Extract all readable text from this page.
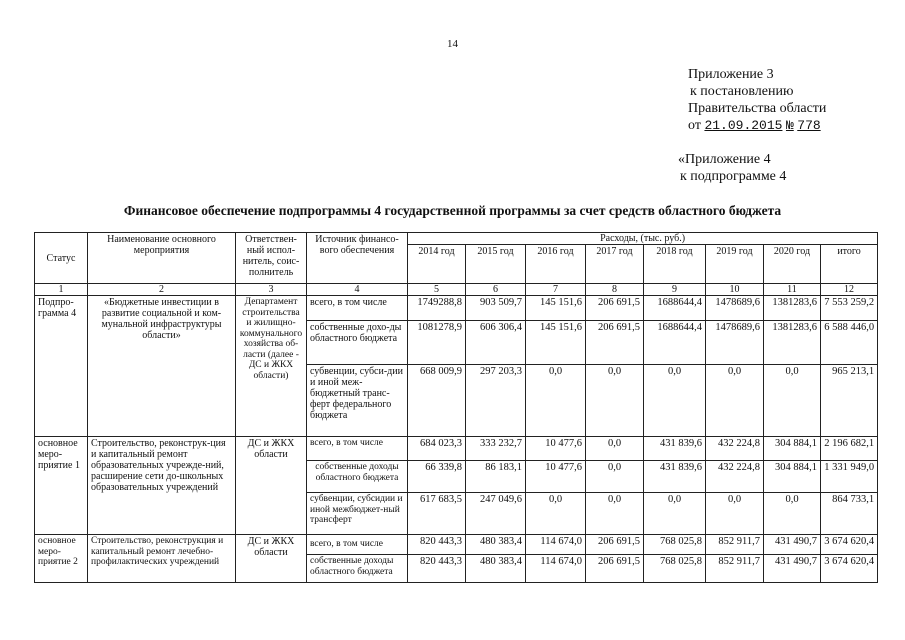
14
Приложение 3
к постановлению
Правительства области
от 21.09.2015 № 778
«Приложение 4
к подпрограмме 4
Финансовое обеспечение подпрограммы 4 государственной программы за счет средств областного бюджета
Статус	Наименование основного мероприятия	Ответствен-ный испол-нитель, соис-полнитель	Источник финансо-вого обеспечения	Расходы, (тыс. руб.)							
				2014 год	2015 год	2016 год	2017 год	2018 год	2019 год	2020 год	итого
1	2	3	4	5	6	7	8	9	10	11	12
Подпро-грамма 4	«Бюджетные инвестиции в развитие социальной и ком-мунальной инфраструктуры области»	Департамент строительства и жилищно-коммунального хозяйства об-ласти (далее - ДС и ЖКХ области)	всего, в том числе	1749288,8	903 509,7	145 151,6	206 691,5	1688644,4	1478689,6	1381283,6	7 553 259,2
			собственные дохо-ды областного бюджета	1081278,9	606 306,4	145 151,6	206 691,5	1688644,4	1478689,6	1381283,6	6 588 446,0
			субвенции, субси-дии и иной меж-бюджетный транс-ферт федерального бюджета	668 009,9	297 203,3	0,0	0,0	0,0	0,0	0,0	965 213,1
основное меро-приятие 1	Строительство, реконструк-ция и капитальный ремонт образовательных учрежде-ний, расширение сети до-школьных образовательных учреждений	ДС и ЖКХ области	всего, в том числе	684 023,3	333 232,7	10 477,6	0,0	431 839,6	432 224,8	304 884,1	2 196 682,1
			собственные доходы областного бюджета	66 339,8	86 183,1	10 477,6	0,0	431 839,6	432 224,8	304 884,1	1 331 949,0
			субвенции, субсидии и иной межбюджет-ный трансферт	617 683,5	247 049,6	0,0	0,0	0,0	0,0	0,0	864 733,1
основное меро-приятие 2	Строительство, реконструкция и капитальный ремонт лечебно-профилактических учреждений	ДС и ЖКХ области	всего, в том числе	820 443,3	480 383,4	114 674,0	206 691,5	768 025,8	852 911,7	431 490,7	3 674 620,4
			собственные доходы областного бюджета	820 443,3	480 383,4	114 674,0	206 691,5	768 025,8	852 911,7	431 490,7	3 674 620,4
